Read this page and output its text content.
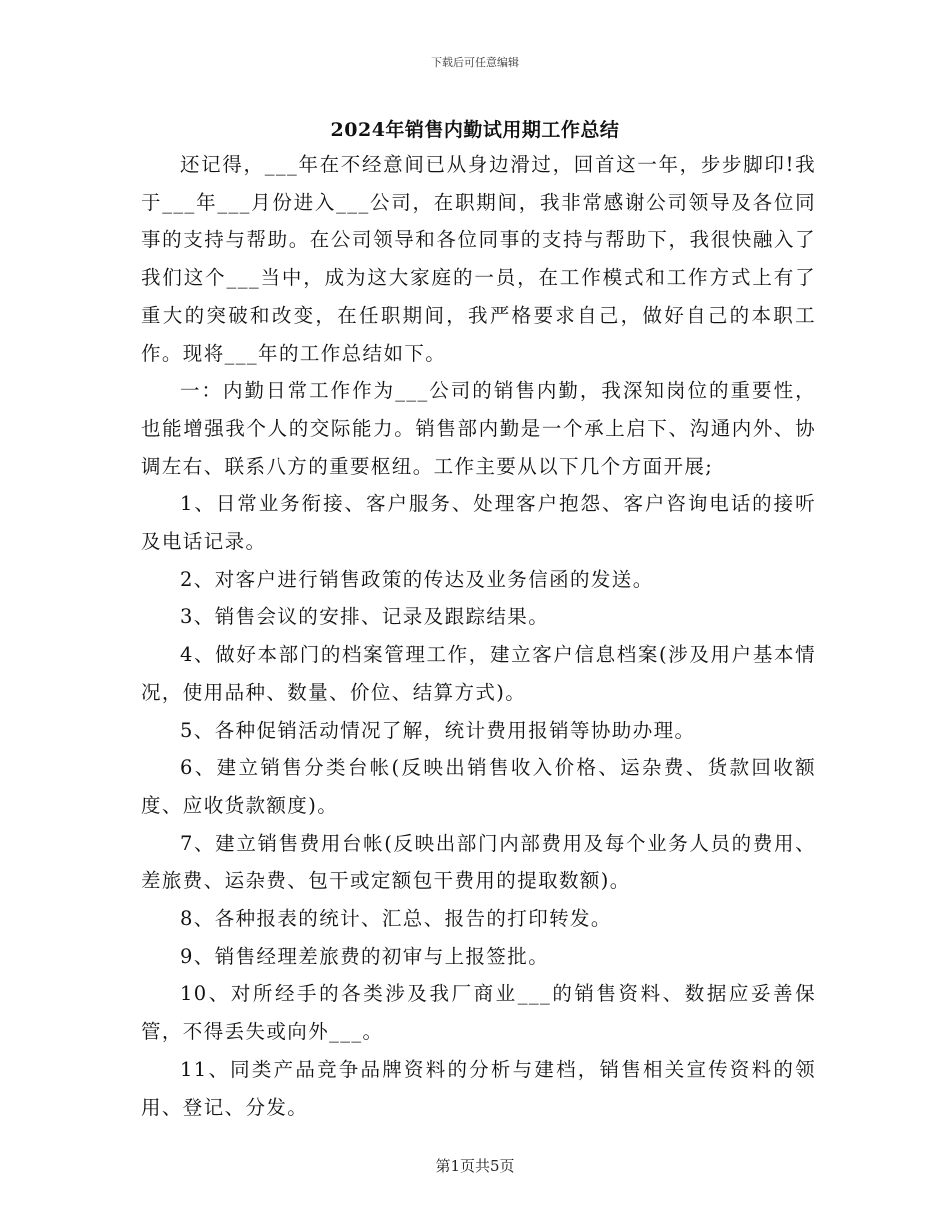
下载后可任意编辑
2024年销售内勤试用期工作总结

还记得，___年在不经意间已从身边滑过，回首这一年，步步脚印!我于___年___月份进入___公司，在职期间，我非常感谢公司领导及各位同事的支持与帮助。在公司领导和各位同事的支持与帮助下，我很快融入了我们这个___当中，成为这大家庭的一员，在工作模式和工作方式上有了重大的突破和改变，在任职期间，我严格要求自己，做好自己的本职工作。现将___年的工作总结如下。

一：内勤日常工作作为___公司的销售内勤，我深知岗位的重要性，也能增强我个人的交际能力。销售部内勤是一个承上启下、沟通内外、协调左右、联系八方的重要枢纽。工作主要从以下几个方面开展;

1、日常业务衔接、客户服务、处理客户抱怨、客户咨询电话的接听及电话记录。

2、对客户进行销售政策的传达及业务信函的发送。

3、销售会议的安排、记录及跟踪结果。

4、做好本部门的档案管理工作，建立客户信息档案(涉及用户基本情况，使用品种、数量、价位、结算方式)。

5、各种促销活动情况了解，统计费用报销等协助办理。

6、建立销售分类台帐(反映出销售收入价格、运杂费、货款回收额度、应收货款额度)。

7、建立销售费用台帐(反映出部门内部费用及每个业务人员的费用、差旅费、运杂费、包干或定额包干费用的提取数额)。

8、各种报表的统计、汇总、报告的打印转发。

9、销售经理差旅费的初审与上报签批。

10、对所经手的各类涉及我厂商业___的销售资料、数据应妥善保管，不得丢失或向外___。

11、同类产品竞争品牌资料的分析与建档，销售相关宣传资料的领用、登记、分发。

第1页共5页
